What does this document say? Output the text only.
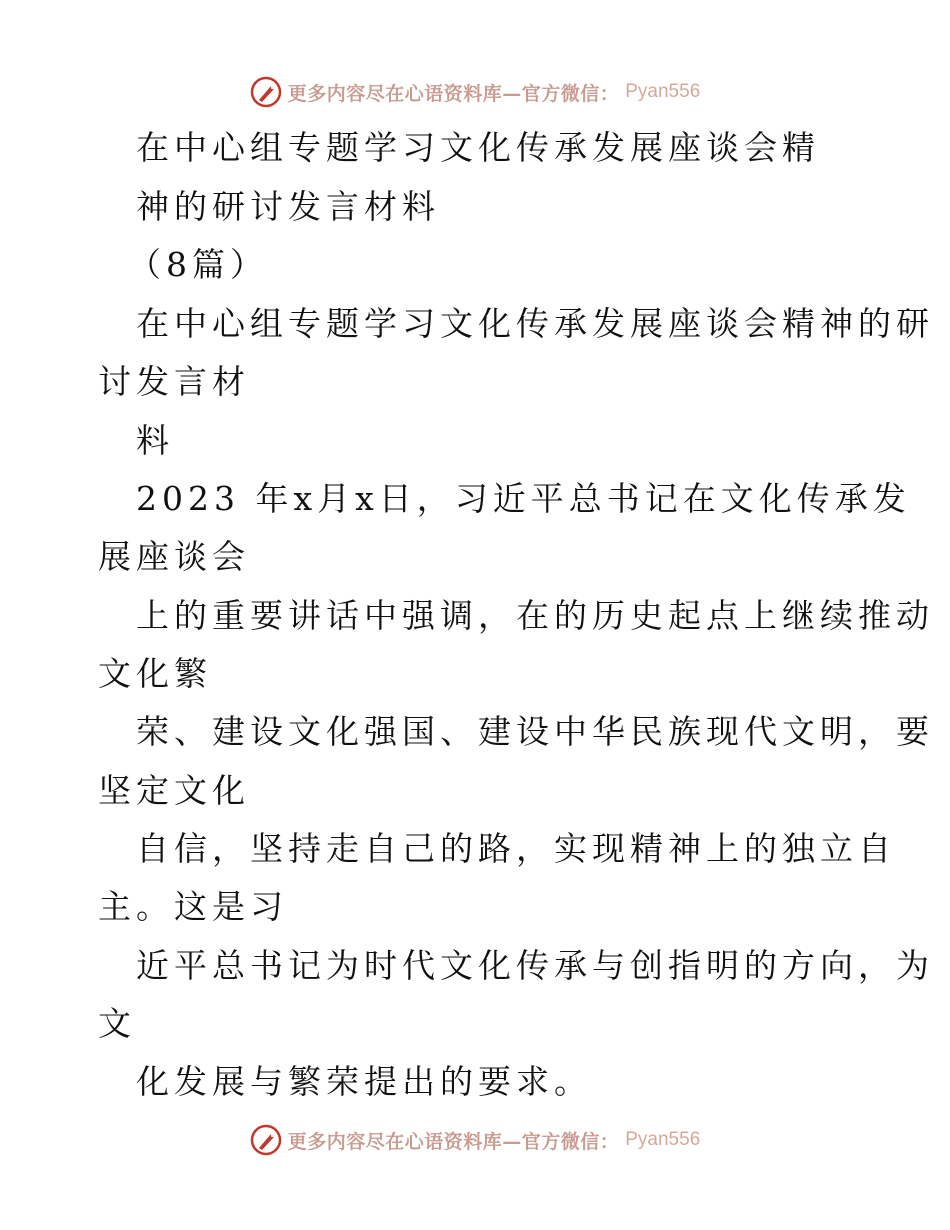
更多内容尽在心语资料库—官方微信： Pyan556
在中心组专题学习文化传承发展座谈会精
神的研讨发言材料
（8篇）
在中心组专题学习文化传承发展座谈会精神的研
讨发言材
料
2023 年x月x日，习近平总书记在文化传承发
展座谈会
上的重要讲话中强调，在的历史起点上继续推动
文化繁
荣、建设文化强国、建设中华民族现代文明，要
坚定文化
自信，坚持走自己的路，实现精神上的独立自
主。这是习
近平总书记为时代文化传承与创指明的方向，为
文
化发展与繁荣提出的要求。
更多内容尽在心语资料库—官方微信： Pyan556
